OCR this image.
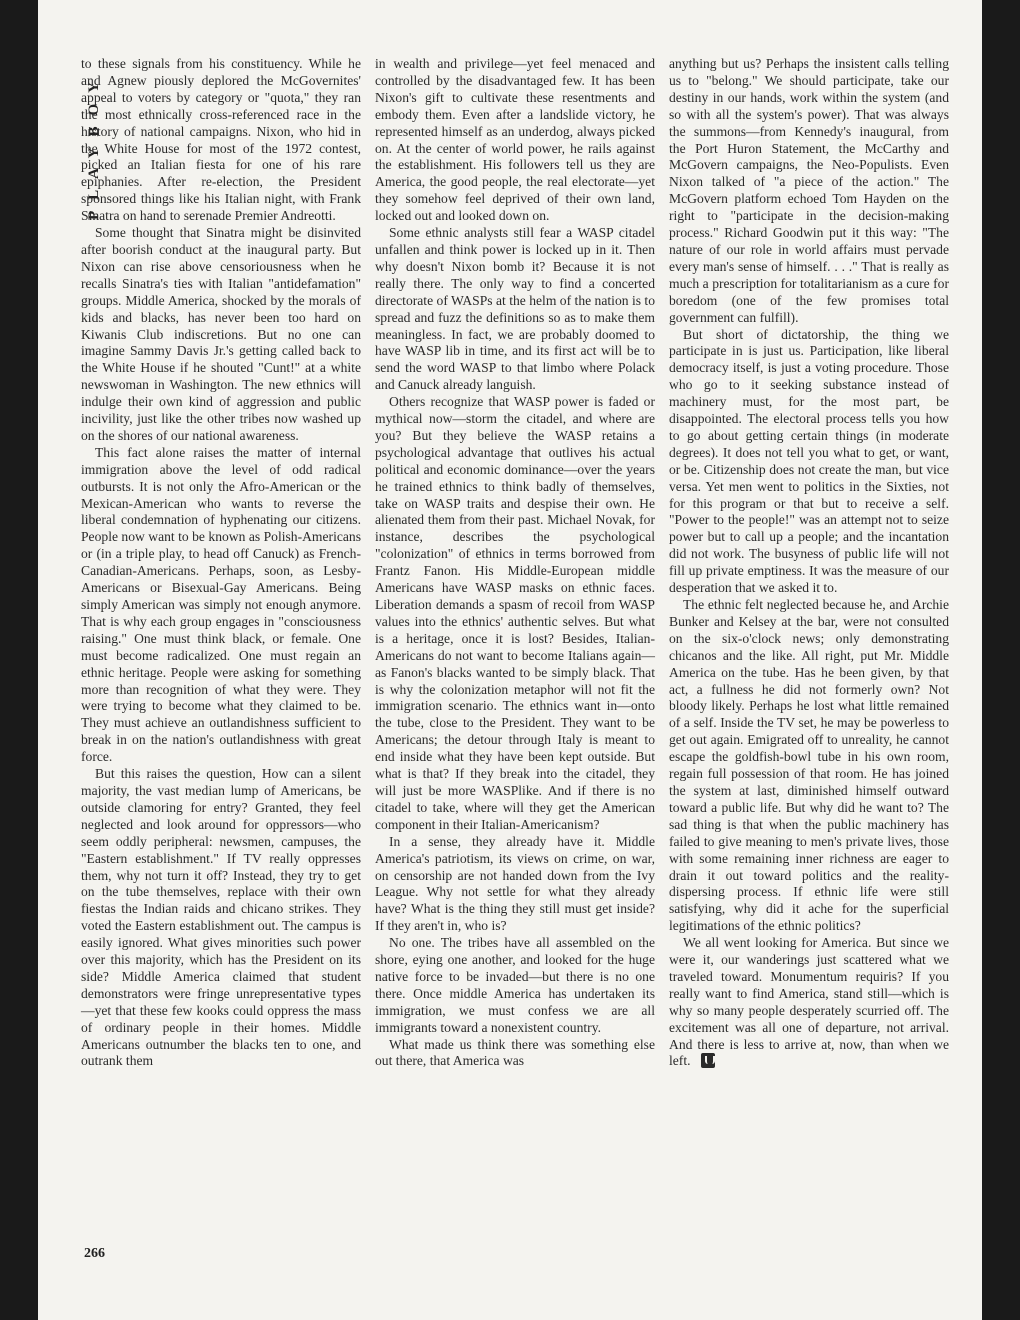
PLAYBOY
266

to these signals from his constituency. While he and Agnew piously deplored the McGovernites' appeal to voters by category or "quota," they ran the most ethnically cross-referenced race in the history of national campaigns. Nixon, who hid in the White House for most of the 1972 contest, picked an Italian fiesta for one of his rare epiphanies. After re-election, the President sponsored things like his Italian night, with Frank Sinatra on hand to serenade Premier Andreotti.

Some thought that Sinatra might be disinvited after boorish conduct at the inaugural party. But Nixon can rise above censoriousness when he recalls Sinatra's ties with Italian "antidefamation" groups. Middle America, shocked by the morals of kids and blacks, has never been too hard on Kiwanis Club indiscretions. But no one can imagine Sammy Davis Jr.'s getting called back to the White House if he shouted "Cunt!" at a white newswoman in Washington. The new ethnics will indulge their own kind of aggression and public incivility, just like the other tribes now washed up on the shores of our national awareness.

This fact alone raises the matter of internal immigration above the level of odd radical outbursts. It is not only the Afro-American or the Mexican-American who wants to reverse the liberal condemnation of hyphenating our citizens. People now want to be known as Polish-Americans or (in a triple play, to head off Canuck) as French-Canadian-Americans. Perhaps, soon, as Lesby-Americans or Bisexual-Gay Americans. Being simply American was simply not enough anymore. That is why each group engages in "consciousness raising." One must think black, or female. One must become radicalized. One must regain an ethnic heritage. People were asking for something more than recognition of what they were. They were trying to become what they claimed to be. They must achieve an outlandishness sufficient to break in on the nation's outlandishness with great force.

But this raises the question, How can a silent majority, the vast median lump of Americans, be outside clamoring for entry? Granted, they feel neglected and look around for oppressors—who seem oddly peripheral: newsmen, campuses, the "Eastern establishment." If TV really oppresses them, why not turn it off? Instead, they try to get on the tube themselves, replace with their own fiestas the Indian raids and chicano strikes. They voted the Eastern establishment out. The campus is easily ignored. What gives minorities such power over this majority, which has the President on its side? Middle America claimed that student demonstrators were fringe unrepresentative types—yet that these few kooks could oppress the mass of ordinary people in their homes. Middle Americans outnumber the blacks ten to one, and outrank them

in wealth and privilege—yet feel menaced and controlled by the disadvantaged few. It has been Nixon's gift to cultivate these resentments and embody them. Even after a landslide victory, he represented himself as an underdog, always picked on. At the center of world power, he rails against the establishment. His followers tell us they are America, the good people, the real electorate—yet they somehow feel deprived of their own land, locked out and looked down on.

Some ethnic analysts still fear a WASP citadel unfallen and think power is locked up in it. Then why doesn't Nixon bomb it? Because it is not really there. The only way to find a concerted directorate of WASPs at the helm of the nation is to spread and fuzz the definitions so as to make them meaningless. In fact, we are probably doomed to have WASP lib in time, and its first act will be to send the word WASP to that limbo where Polack and Canuck already languish.

Others recognize that WASP power is faded or mythical now—storm the citadel, and where are you? But they believe the WASP retains a psychological advantage that outlives his actual political and economic dominance—over the years he trained ethnics to think badly of themselves, take on WASP traits and despise their own. He alienated them from their past. Michael Novak, for instance, describes the psychological "colonization" of ethnics in terms borrowed from Frantz Fanon. His Middle-European middle Americans have WASP masks on ethnic faces. Liberation demands a spasm of recoil from WASP values into the ethnics' authentic selves. But what is a heritage, once it is lost? Besides, Italian-Americans do not want to become Italians again—as Fanon's blacks wanted to be simply black. That is why the colonization metaphor will not fit the immigration scenario. The ethnics want in—onto the tube, close to the President. They want to be Americans; the detour through Italy is meant to end inside what they have been kept outside. But what is that? If they break into the citadel, they will just be more WASPlike. And if there is no citadel to take, where will they get the American component in their Italian-Americanism?

In a sense, they already have it. Middle America's patriotism, its views on crime, on war, on censorship are not handed down from the Ivy League. Why not settle for what they already have? What is the thing they still must get inside? If they aren't in, who is?

No one. The tribes have all assembled on the shore, eying one another, and looked for the huge native force to be invaded—but there is no one there. Once middle America has undertaken its immigration, we must confess we are all immigrants toward a nonexistent country.

What made us think there was something else out there, that America was

anything but us? Perhaps the insistent calls telling us to "belong." We should participate, take our destiny in our hands, work within the system (and so with all the system's power). That was always the summons—from Kennedy's inaugural, from the Port Huron Statement, the McCarthy and McGovern campaigns, the Neo-Populists. Even Nixon talked of "a piece of the action." The McGovern platform echoed Tom Hayden on the right to "participate in the decision-making process." Richard Goodwin put it this way: "The nature of our role in world affairs must pervade every man's sense of himself. . . ." That is really as much a prescription for totalitarianism as a cure for boredom (one of the few promises total government can fulfill).

But short of dictatorship, the thing we participate in is just us. Participation, like liberal democracy itself, is just a voting procedure. Those who go to it seeking substance instead of machinery must, for the most part, be disappointed. The electoral process tells you how to go about getting certain things (in moderate degrees). It does not tell you what to get, or want, or be. Citizenship does not create the man, but vice versa. Yet men went to politics in the Sixties, not for this program or that but to receive a self. "Power to the people!" was an attempt not to seize power but to call up a people; and the incantation did not work. The busyness of public life will not fill up private emptiness. It was the measure of our desperation that we asked it to.

The ethnic felt neglected because he, and Archie Bunker and Kelsey at the bar, were not consulted on the six-o'clock news; only demonstrating chicanos and the like. All right, put Mr. Middle America on the tube. Has he been given, by that act, a fullness he did not formerly own? Not bloody likely. Perhaps he lost what little remained of a self. Inside the TV set, he may be powerless to get out again. Emigrated off to unreality, he cannot escape the goldfish-bowl tube in his own room, regain full possession of that room. He has joined the system at last, diminished himself outward toward a public life. But why did he want to? The sad thing is that when the public machinery has failed to give meaning to men's private lives, those with some remaining inner richness are eager to drain it out toward politics and the reality-dispersing process. If ethnic life were still satisfying, why did it ache for the superficial legitimations of the ethnic politics?

We all went looking for America. But since we were it, our wanderings just scattered what we traveled toward. Monumentum requiris? If you really want to find America, stand still—which is why so many people desperately scurried off. The excitement was all one of departure, not arrival. And there is less to arrive at, now, than when we left.
